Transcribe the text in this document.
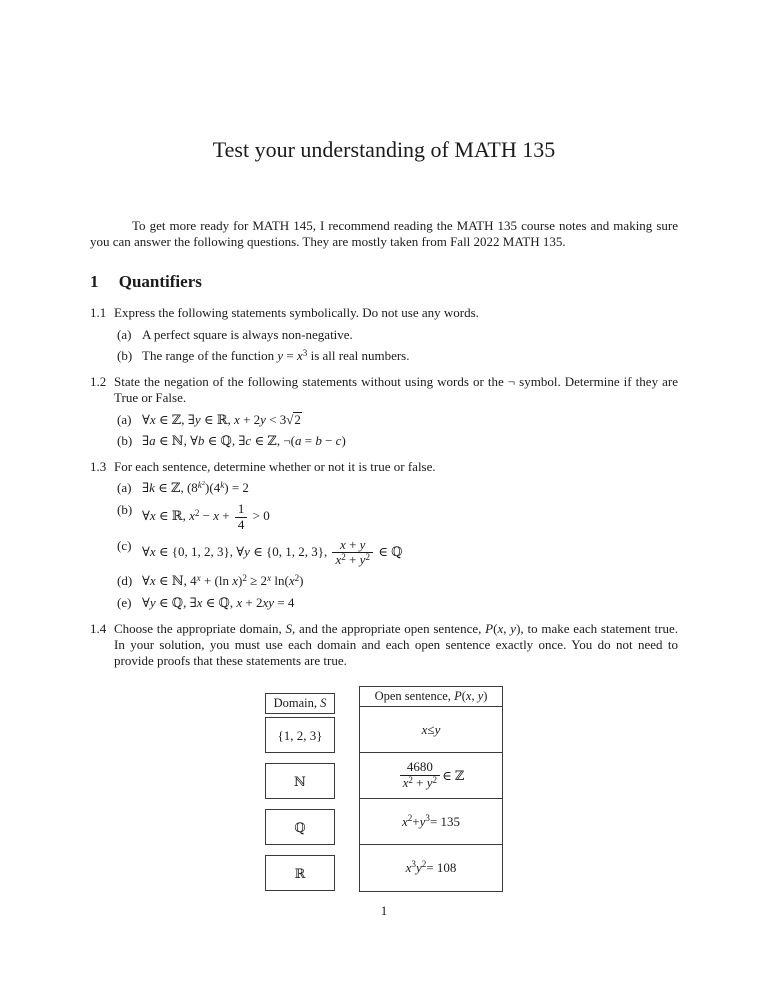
Test your understanding of MATH 135

To get more ready for MATH 145, I recommend reading the MATH 135 course notes and making sure you can answer the following questions. They are mostly taken from Fall 2022 MATH 135.

1 Quantifiers
1.1 Express the following statements symbolically. Do not use any words.
(a) A perfect square is always non-negative.
(b) The range of the function $y = x^3$ is all real numbers.
1.2 State the negation of the following statements without using words or the ¬ symbol. Determine if they are True or False.
(a) ∀x ∈ ℤ, ∃y ∈ ℝ, x + 2y < 3√2
(b) ∃a ∈ ℕ, ∀b ∈ ℚ, ∃c ∈ ℤ, ¬(a = b − c)
1.3 For each sentence, determine whether or not it is true or false.
(a) ∃k ∈ ℤ, $(8^{k^2})(4^k) = 2$
(b) ∀x ∈ ℝ, $x^2 - x + \frac{1}{4} > 0$
(c) ∀x ∈ {0, 1, 2, 3}, ∀y ∈ {0, 1, 2, 3}, $\frac{x + y}{x^2 + y^2}$ ∈ ℚ
(d) ∀x ∈ ℕ, $4^x + (\ln$ $x)^2 \ge 2^x$ $\ln(x^2)$
(e) ∀y ∈ ℚ, ∃x ∈ ℚ, x + 2xy = 4
1.4 Choose the appropriate domain, S, and the appropriate open sentence, P(x, y), to make each statement true. In your solution, you must use each domain and each open sentence exactly once. You do not need to provide proofs that these statements are true.
Domain, S
{1, 2, 3}
ℕ
ℚ
ℝ
Open sentence, P(x, y)
x ≤ y
$\frac{4680}{x^2 + y^2}$ ∈ ℤ
$x^2 + y^3 = 135$
$x^3$ $y^2 = 108$
1
